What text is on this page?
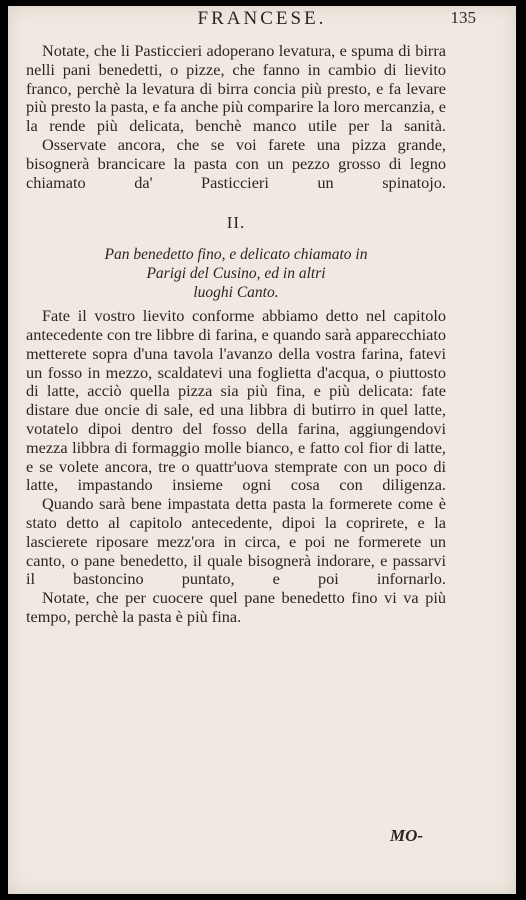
FRANCESE.	135

Notate, che li Pasticcieri adoperano levatura, e spuma di birra nelli pani benedetti, o pizze, che fanno in cambio di lievito franco, perchè la levatura di birra concia più presto, e fa levare più presto la pasta, e fa anche più comparire la loro mercanzia, e la rende più delicata, benchè manco utile per la sanità.

Osservate ancora, che se voi farete una pizza grande, bisognerà brancicare la pasta con un pezzo grosso di legno chiamato da' Pasticcieri un spinatojo.

II.
Pan benedetto fino, e delicato chiamato in
Parigi del Cusino, ed in altri
luoghi Canto.

Fate il vostro lievito conforme abbiamo detto nel capitolo antecedente con tre libbre di farina, e quando sarà apparecchiato metterete sopra d'una tavola l'avanzo della vostra farina, fatevi un fosso in mezzo, scaldatevi una foglietta d'acqua, o piuttosto di latte, acciò quella pizza sia più fina, e più delicata: fate distare due oncie di sale, ed una libbra di butirro in quel latte, votatelo dipoi dentro del fosso della farina, aggiungendovi mezza libbra di formaggio molle bianco, e fatto col fior di latte, e se volete ancora, tre o quattr'uova stemprate con un poco di latte, impastando insieme ogni cosa con diligenza.

Quando sarà bene impastata detta pasta la formerete come è stato detto al capitolo antecedente, dipoi la coprirete, e la lascierete riposare mezz'ora in circa, e poi ne formerete un canto, o pane benedetto, il quale bisognerà indorare, e passarvi il bastoncino puntato, e poi infornarlo.

Notate, che per cuocere quel pane benedetto fino vi va più tempo, perchè la pasta è più fina.

MO-
